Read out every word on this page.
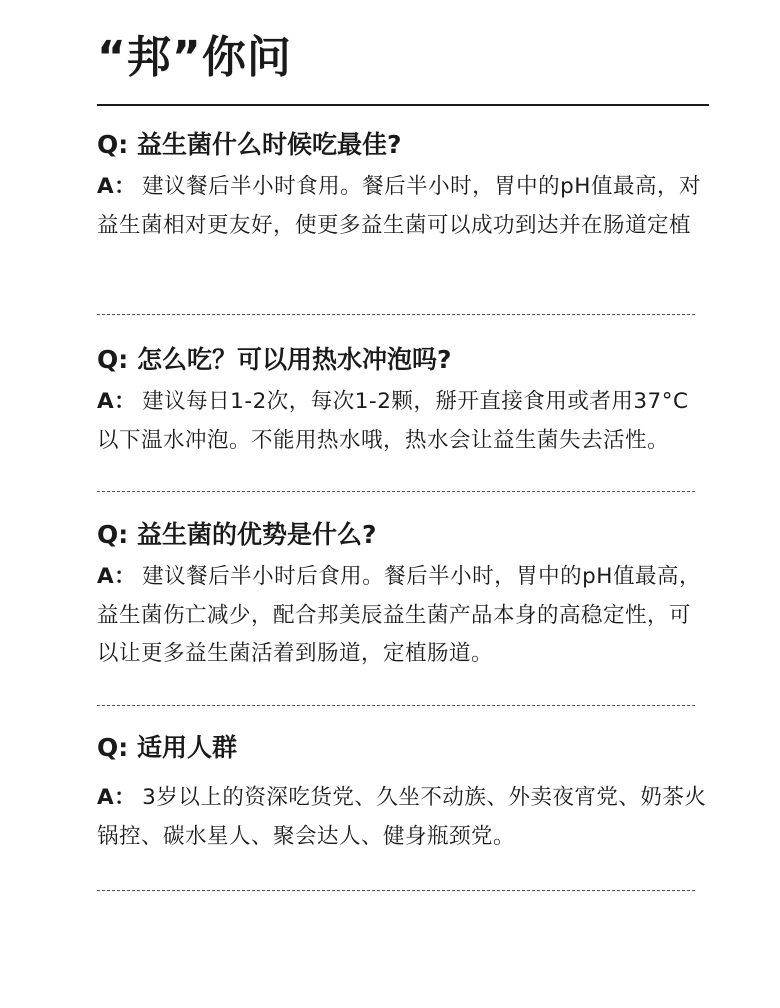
“邦”你问
Q: 益生菌什么时候吃最佳?
A： 建议餐后半小时食用。餐后半小时，胃中的pH值最高，对益生菌相对更友好，使更多益生菌可以成功到达并在肠道定植
Q: 怎么吃？可以用热水冲泡吗?
A： 建议每日1-2次，每次1-2颗，掰开直接食用或者用37°C以下温水冲泡。不能用热水哦，热水会让益生菌失去活性。
Q: 益生菌的优势是什么?
A： 建议餐后半小时后食用。餐后半小时，胃中的pH值最高，益生菌伤亡减少，配合邦美辰益生菌产品本身的高稳定性，可以让更多益生菌活着到肠道，定植肠道。
Q: 适用人群
A： 3岁以上的资深吃货党、久坐不动族、外卖夜宵党、奶茶火锅控、碳水星人、聚会达人、健身瓶颈党。
